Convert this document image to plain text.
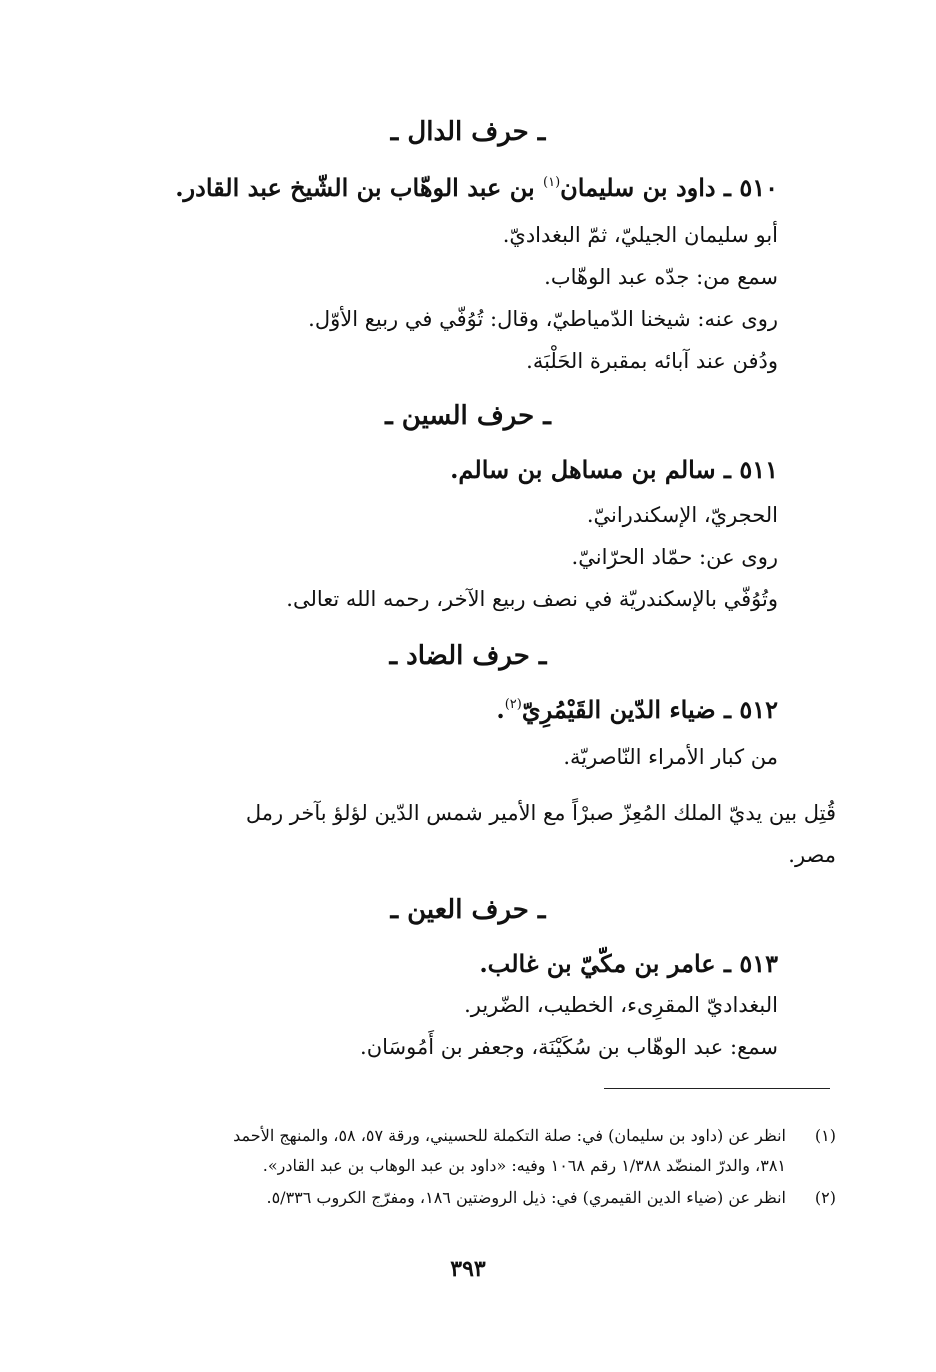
ـ حرف الدال ـ
٥١٠ ـ داود بن سليمان$^{(١)}$ بن عبد الوهّاب بن الشّيخ عبد القادر.
أبو سليمان الجيليّ، ثمّ البغداديّ.
سمع من: جدّه عبد الوهّاب.
روى عنه: شيخنا الدّمياطيّ، وقال: تُوُفّي في ربيع الأوّل.
ودُفن عند آبائه بمقبرة الحَلْبَة.
ـ حرف السين ـ
٥١١ ـ سالم بن مساهل بن سالم.
الحجريّ، الإسكندرانيّ.
روى عن: حمّاد الحرّانيّ.
وتُوُفّي بالإسكندريّة في نصف ربيع الآخر، رحمه الله تعالى.
ـ حرف الضاد ـ
٥١٢ ـ ضياء الدّين القَيْمُرِيّ$^{(٢)}$.
من كبار الأمراء النّاصريّة.
قُتِل بين يديّ الملك المُعِزّ صبرْاً مع الأمير شمس الدّين لؤلؤ بآخر رمل
مصر.
ـ حرف العين ـ
٥١٣ ـ عامر بن مكّيّ بن غالب.
البغداديّ المقرِىء، الخطيب، الضّرير.
سمع: عبد الوهّاب بن سُكَيْنَة، وجعفر بن أَمُوسَان.
(١)انظر عن (داود بن سليمان) في: صلة التكملة للحسيني، ورقة ٥٧، ٥٨، والمنهج الأحمد
٣٨١، والدرّ المنضّد ١/٣٨٨ رقم ١٠٦٨ وفيه: «داود بن عبد الوهاب بن عبد القادر».
(٢)انظر عن (ضياء الدين القيمري) في: ذيل الروضتين ١٨٦، ومفرّج الكروب ٥/٣٣٦.
٣٩٣
